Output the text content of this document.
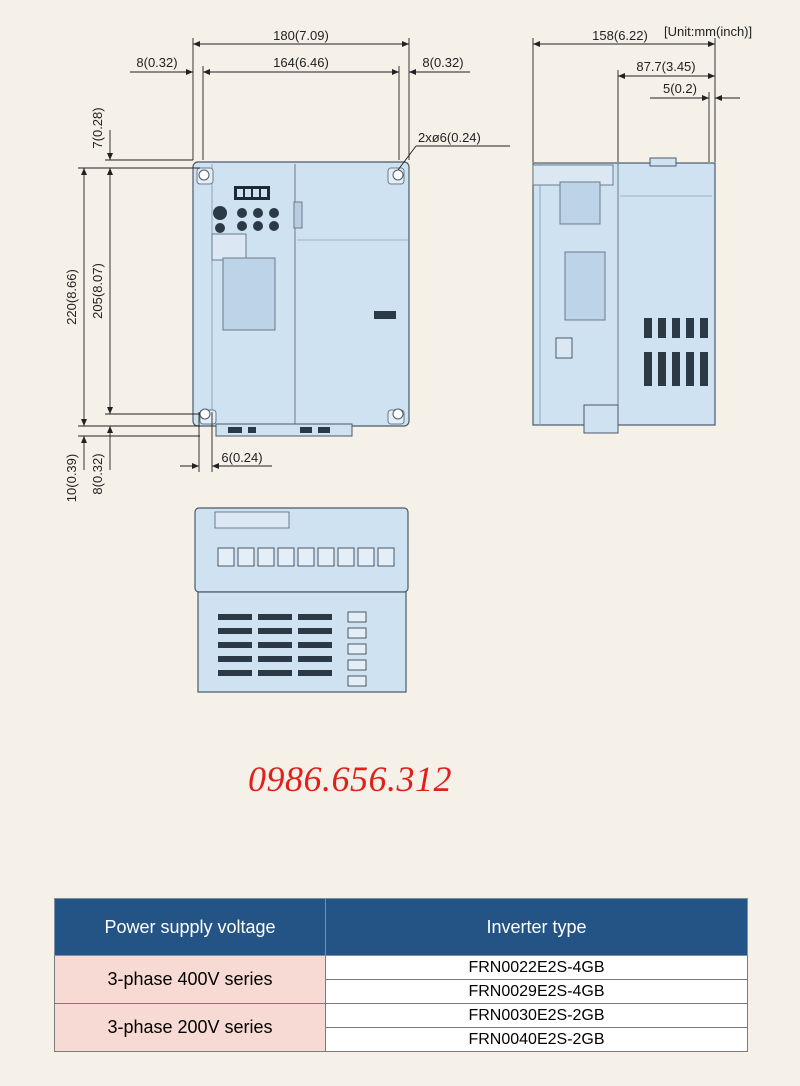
180(7.09)
164(6.46)
8(0.32)	8(0.32)
2xø6(0.24)
7(0.28)
220(8.66) 205(8.07)
10(0.39) 8(0.32)	6(0.24)
158(6.22) [Unit:mm(inch)]
87.7(3.45)
5(0.2)
0986.656.312
Power supply voltage	Inverter type
3-phase 400V series	FRN0022E2S-4GB
	FRN0029E2S-4GB
3-phase 200V series	FRN0030E2S-2GB
	FRN0040E2S-2GB
